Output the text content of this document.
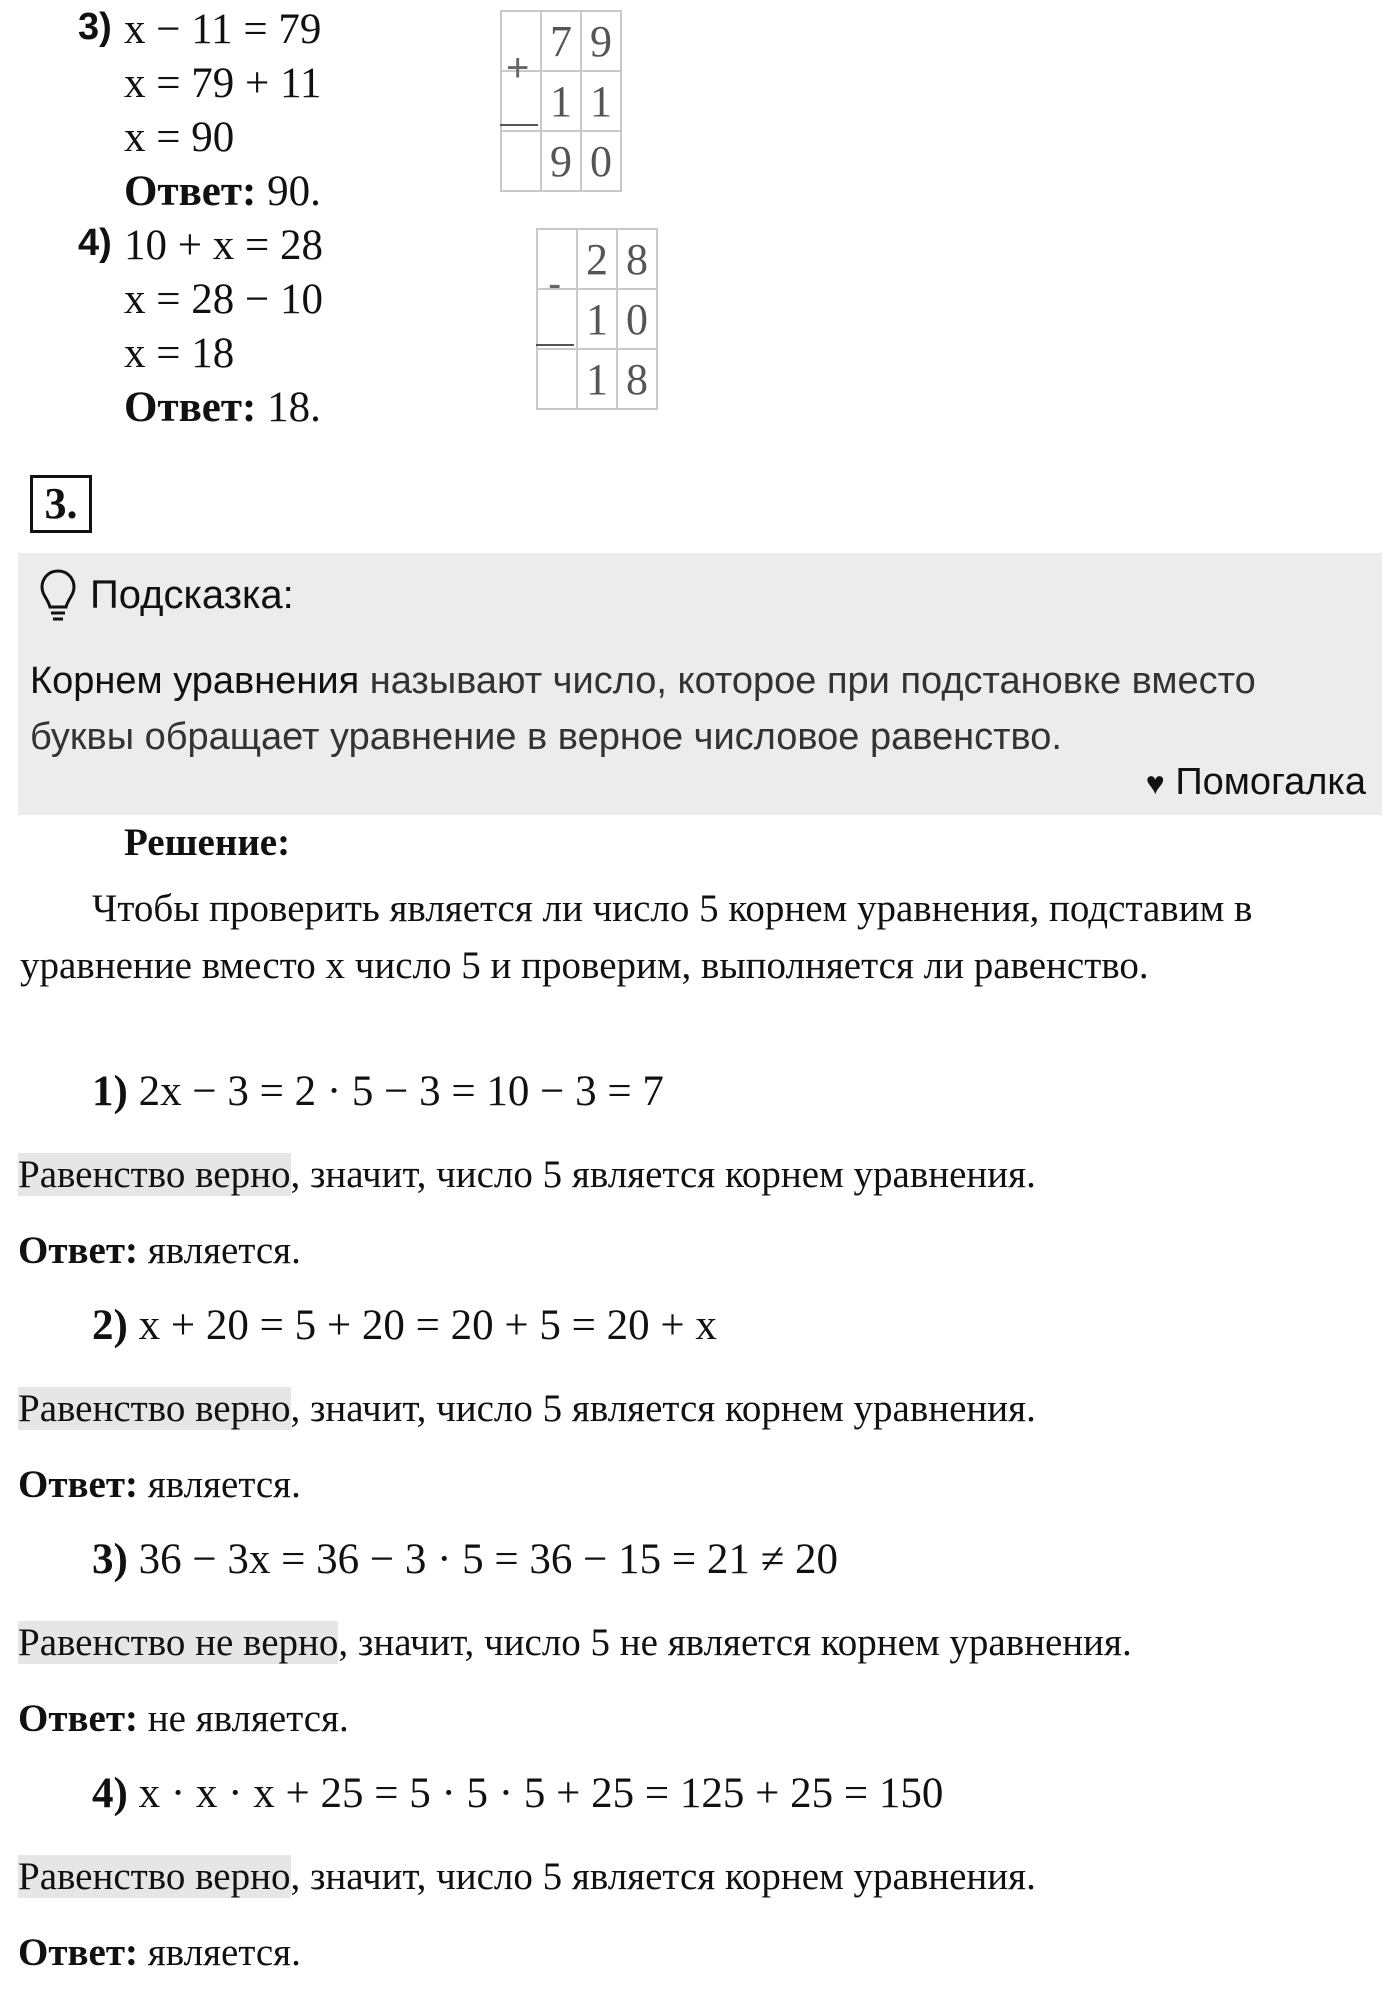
3) x − 11 = 79
x = 79 + 11
x = 90
Ответ: 90.
	7	9
	1	1
	9	0
+
4) 10 + x = 28
x = 28 − 10
x = 18
Ответ: 18.
	2	8
	1	0
	1	8
-
3.
Подсказка:
Корнем уравнения называют число, которое при подстановке вместо буквы обращает уравнение в верное числовое равенство.
♥ Помогалка
Решение:
Чтобы проверить является ли число 5 корнем уравнения, подставим в уравнение вместо x число 5 и проверим, выполняется ли равенство.
1) 2x − 3 = 2 · 5 − 3 = 10 − 3 = 7
Равенство верно, значит, число 5 является корнем уравнения.
Ответ: является.
2) x + 20 = 5 + 20 = 20 + 5 = 20 + x
Равенство верно, значит, число 5 является корнем уравнения.
Ответ: является.
3) 36 − 3x = 36 − 3 · 5 = 36 − 15 = 21 ≠ 20
Равенство не верно, значит, число 5 не является корнем уравнения.
Ответ: не является.
4) x · x · x + 25 = 5 · 5 · 5 + 25 = 125 + 25 = 150
Равенство верно, значит, число 5 является корнем уравнения.
Ответ: является.
